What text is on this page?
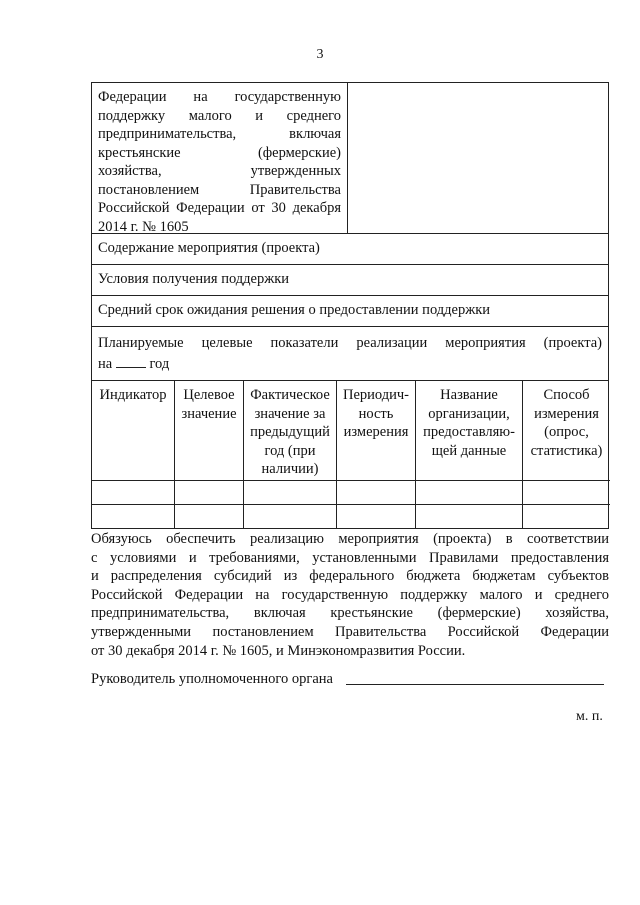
3
Федерации на государственную
поддержку малого и среднего
предпринимательства, включая
крестьянские (фермерские)
хозяйства, утвержденных
постановлением Правительства
Российской Федерации от 30 декабря
2014 г. № 1605
Содержание мероприятия (проекта)
Условия получения поддержки
Средний срок ожидания решения о предоставлении поддержки
Планируемые целевые показатели реализации мероприятия (проекта)
на	год
Индикатор	Целевое значение
Фактическое значение за предыдущий год (при наличии)
Периодич-ность измерения
Название организации, предоставляю-щей данные
Способ измерения (опрос, статистика)
Обязуюсь обеспечить реализацию мероприятия (проекта) в соответствии
с условиями и требованиями, установленными Правилами предоставления
и распределения субсидий из федерального бюджета бюджетам субъектов
Российской Федерации на государственную поддержку малого и среднего
предпринимательства, включая крестьянские (фермерские) хозяйства,
утвержденными постановлением Правительства Российской Федерации
от 30 декабря 2014 г. № 1605, и Минэкономразвития России.
Руководитель уполномоченного органа
м. п.
